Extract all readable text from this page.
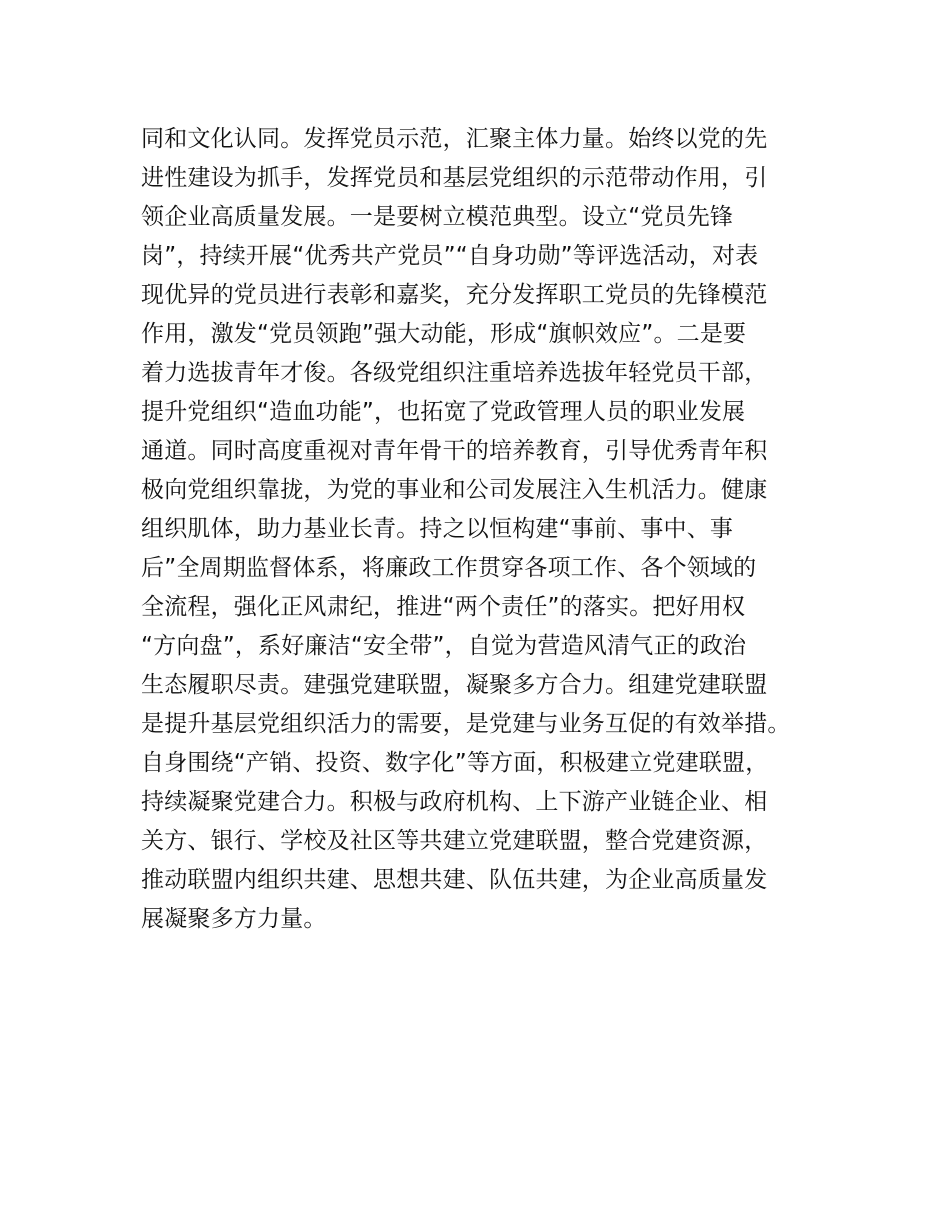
同和文化认同。发挥党员示范，汇聚主体力量。始终以党的先
进性建设为抓手，发挥党员和基层党组织的示范带动作用，引
领企业高质量发展。一是要树立模范典型。设立“党员先锋
岗”，持续开展“优秀共产党员”“自身功勋”等评选活动，对表
现优异的党员进行表彰和嘉奖，充分发挥职工党员的先锋模范
作用，激发“党员领跑”强大动能，形成“旗帜效应”。二是要
着力选拔青年才俊。各级党组织注重培养选拔年轻党员干部，
提升党组织“造血功能”，也拓宽了党政管理人员的职业发展
通道。同时高度重视对青年骨干的培养教育，引导优秀青年积
极向党组织靠拢，为党的事业和公司发展注入生机活力。健康
组织肌体，助力基业长青。持之以恒构建“事前、事中、事
后”全周期监督体系，将廉政工作贯穿各项工作、各个领域的
全流程，强化正风肃纪，推进“两个责任”的落实。把好用权
“方向盘”，系好廉洁“安全带”，自觉为营造风清气正的政治
生态履职尽责。建强党建联盟，凝聚多方合力。组建党建联盟
是提升基层党组织活力的需要，是党建与业务互促的有效举措。
自身围绕“产销、投资、数字化”等方面，积极建立党建联盟，
持续凝聚党建合力。积极与政府机构、上下游产业链企业、相
关方、银行、学校及社区等共建立党建联盟，整合党建资源，
推动联盟内组织共建、思想共建、队伍共建，为企业高质量发
展凝聚多方力量。
